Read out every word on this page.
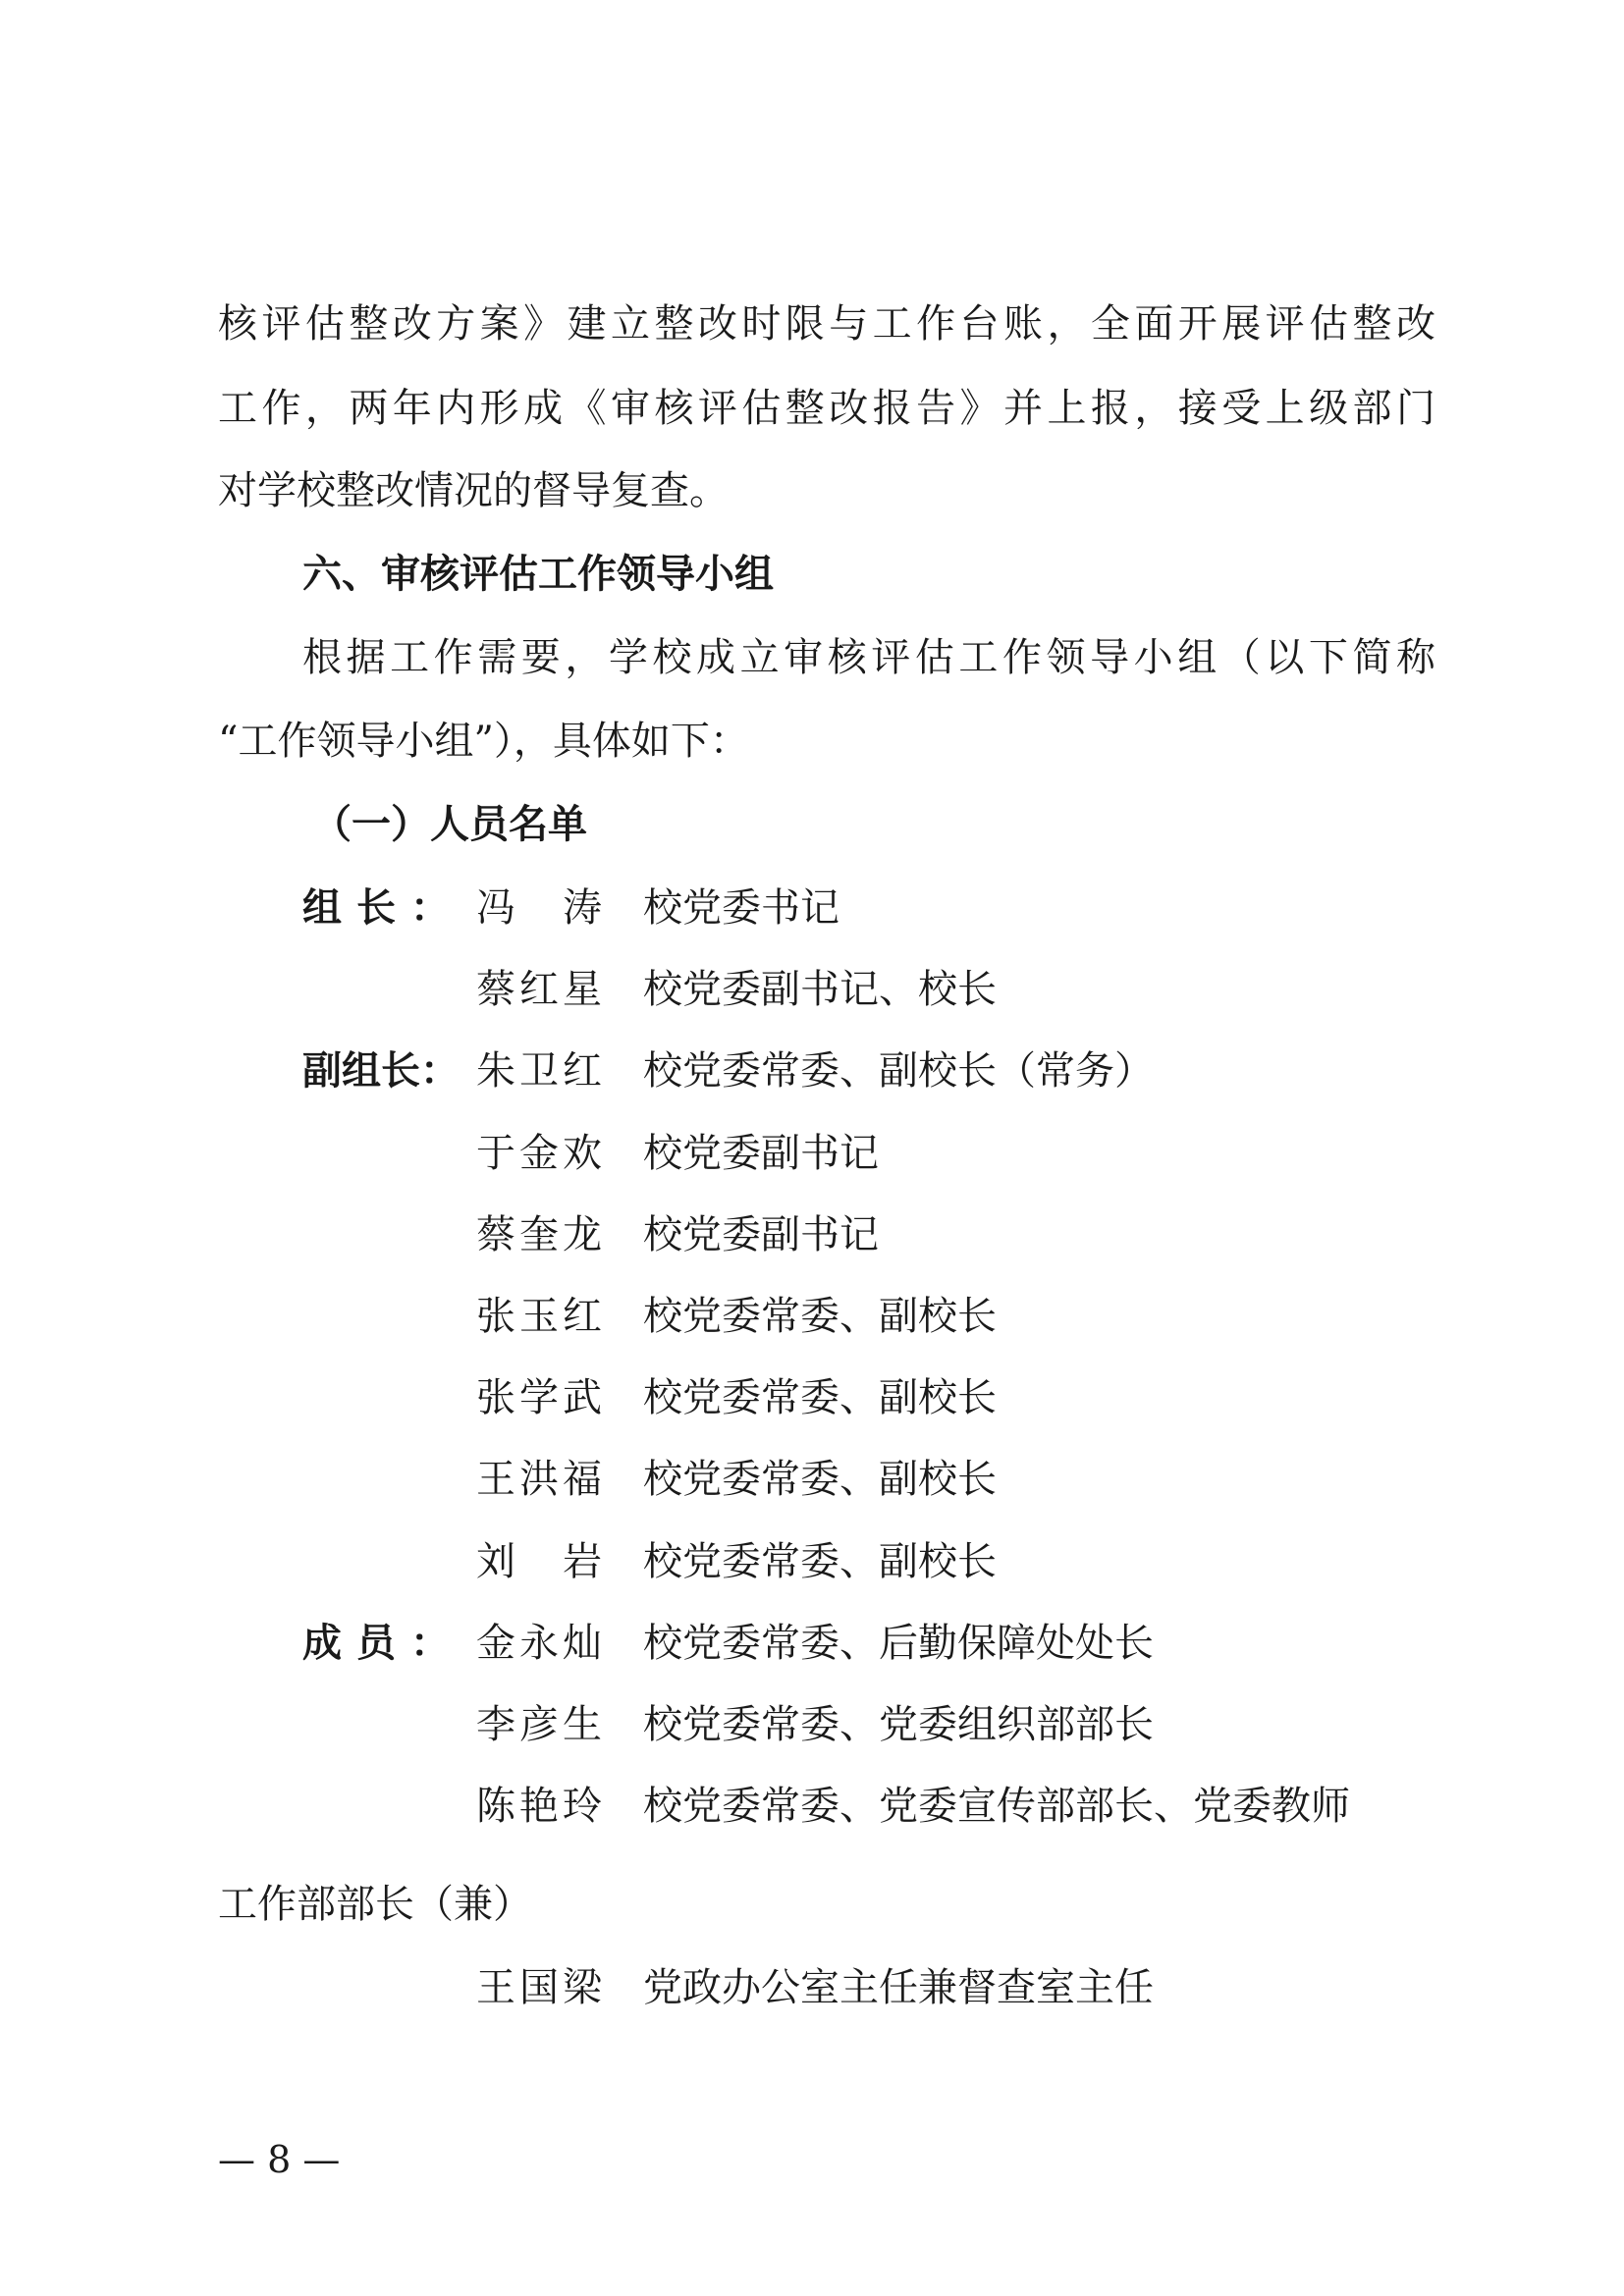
核评估整改方案》建立整改时限与工作台账，全面开展评估整改
工作，两年内形成《审核评估整改报告》并上报，接受上级部门
对学校整改情况的督导复查。
六、审核评估工作领导小组
根据工作需要，学校成立审核评估工作领导小组（以下简称
“工作领导小组”），具体如下：
（一）人员名单
组长： 冯涛 校党委书记
蔡红星 校党委副书记、校长
副组长： 朱卫红 校党委常委、副校长（常务）
于金欢 校党委副书记
蔡奎龙 校党委副书记
张玉红 校党委常委、副校长
张学武 校党委常委、副校长
王洪福 校党委常委、副校长
刘岩 校党委常委、副校长
成员： 金永灿 校党委常委、后勤保障处处长
李彦生 校党委常委、党委组织部部长
陈艳玲 校党委常委、党委宣传部部长、党委教师
工作部部长（兼）
王国梁 党政办公室主任兼督查室主任
— 8 —
